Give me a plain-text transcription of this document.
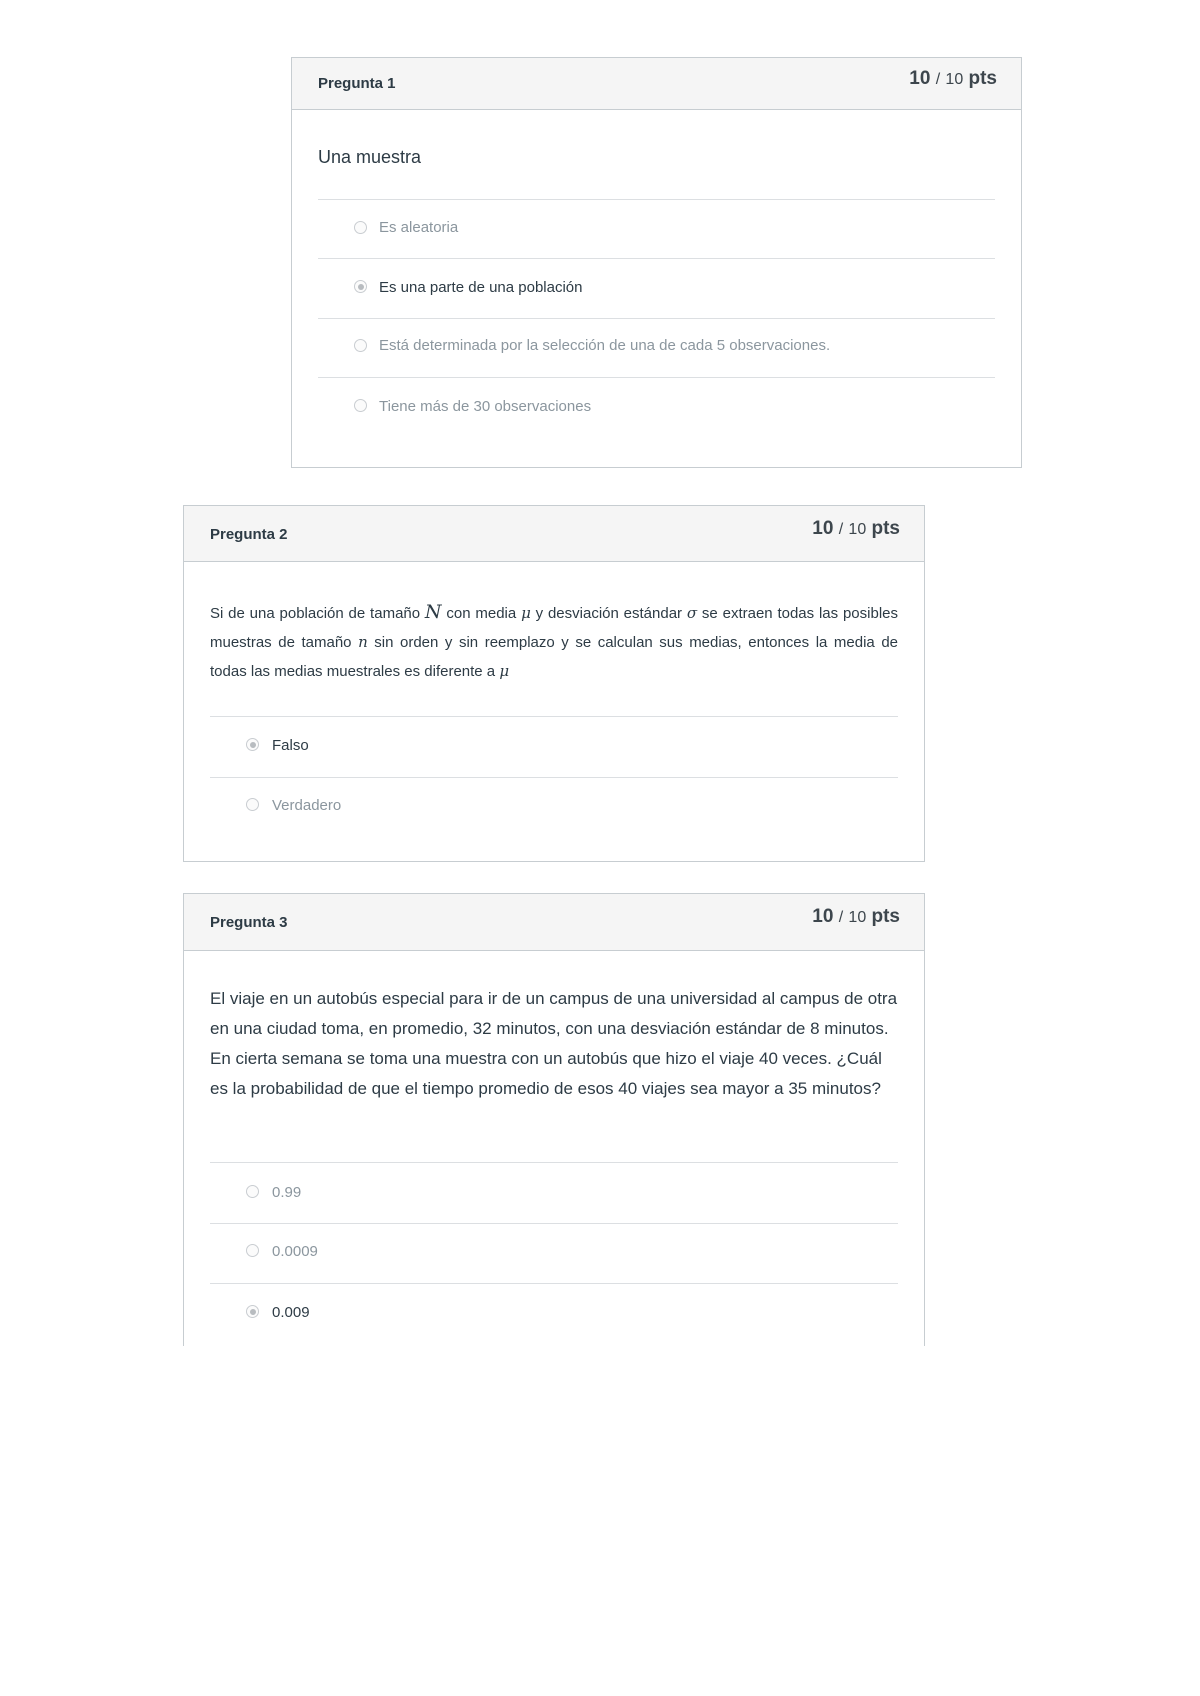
Pregunta 1	10 / 10 pts
Una muestra
Es aleatoria
Es una parte de una población
Está determinada por la selección de una de cada 5 observaciones.
Tiene más de 30 observaciones
Pregunta 2	10 / 10 pts
Si de una población de tamaño N con media μ y desviación estándar σ se extraen todas las posibles muestras de tamaño n sin orden y sin reemplazo y se calculan sus medias, entonces la media de todas las medias muestrales es diferente a μ
Falso
Verdadero
Pregunta 3	10 / 10 pts
El viaje en un autobús especial para ir de un campus de una universidad al campus de otra en una ciudad toma, en promedio, 32 minutos, con una desviación estándar de 8 minutos. En cierta semana se toma una muestra con un autobús que hizo el viaje 40 veces. ¿Cuál es la probabilidad de que el tiempo promedio de esos 40 viajes sea mayor a 35 minutos?
0.99
0.0009
0.009
